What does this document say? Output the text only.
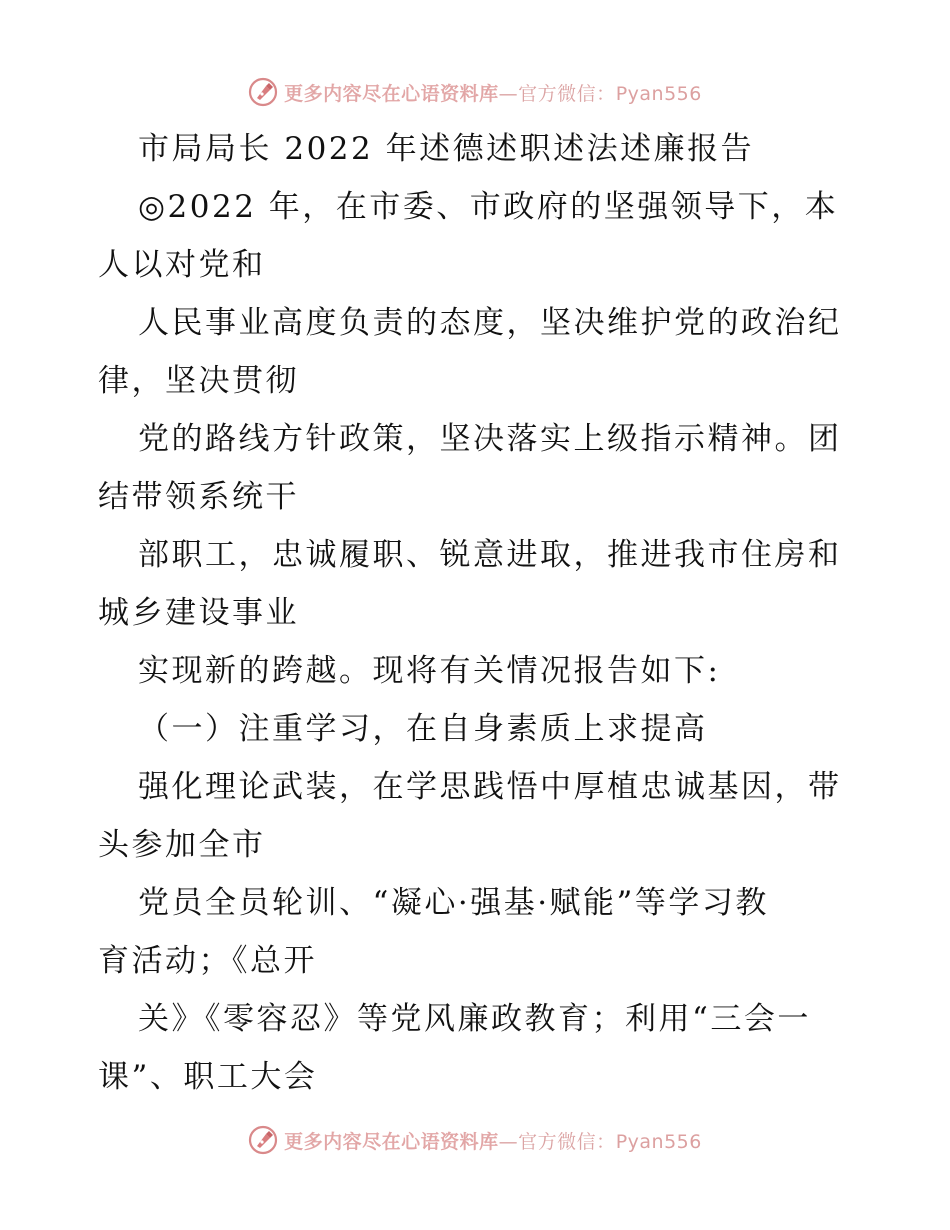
更多内容尽在心语资料库—官方微信：Pyan556

市局局长 2022 年述德述职述法述廉报告

◎2022 年，在市委、市政府的坚强领导下，本

人以对党和

人民事业高度负责的态度，坚决维护党的政治纪

律，坚决贯彻

党的路线方针政策，坚决落实上级指示精神。团

结带领系统干

部职工，忠诚履职、锐意进取，推进我市住房和

城乡建设事业

实现新的跨越。现将有关情况报告如下:

（一）注重学习，在自身素质上求提高

强化理论武装，在学思践悟中厚植忠诚基因，带

头参加全市

党员全员轮训、“凝心·强基·赋能”等学习教

育活动；《总开

关》《零容忍》等党风廉政教育；利用“三会一

课”、职工大会

更多内容尽在心语资料库—官方微信：Pyan556
